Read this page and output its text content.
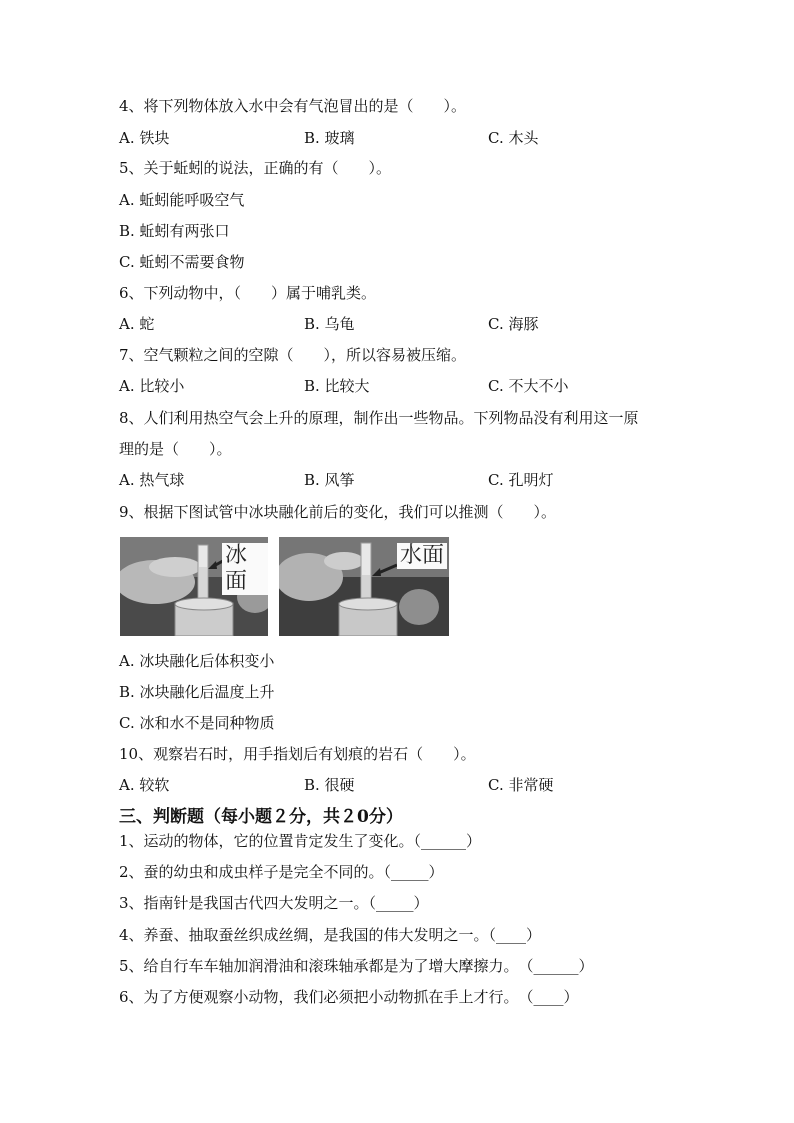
4、将下列物体放入水中会有气泡冒出的是（　　）。
A. 铁块	B. 玻璃	C. 木头
5、关于蚯蚓的说法，正确的有（　　）。
A. 蚯蚓能呼吸空气
B. 蚯蚓有两张口
C. 蚯蚓不需要食物
6、下列动物中，（　　）属于哺乳类。
A. 蛇	B. 乌龟	C. 海豚
7、空气颗粒之间的空隙（　　），所以容易被压缩。
A. 比较小	B. 比较大	C. 不大不小
8、人们利用热空气会上升的原理，制作出一些物品。下列物品没有利用这一原
理的是（　　）。
A. 热气球	B. 风筝	C. 孔明灯
9、根据下图试管中冰块融化前后的变化，我们可以推测（　　）。
冰面
水面
A. 冰块融化后体积变小
B. 冰块融化后温度上升
C. 冰和水不是同种物质
10、观察岩石时，用手指划后有划痕的岩石（　　）。
A. 较软	B. 很硬	C. 非常硬
三、判断题（每小题２分，共２0分）
1、运动的物体，它的位置肯定发生了变化。（______）
2、蚕的幼虫和成虫样子是完全不同的。（_____）
3、指南针是我国古代四大发明之一。（_____）
4、养蚕、抽取蚕丝织成丝绸，是我国的伟大发明之一。（____）
5、给自行车车轴加润滑油和滚珠轴承都是为了增大摩擦力。　（______）
6、为了方便观察小动物，我们必须把小动物抓在手上才行。　（____）
